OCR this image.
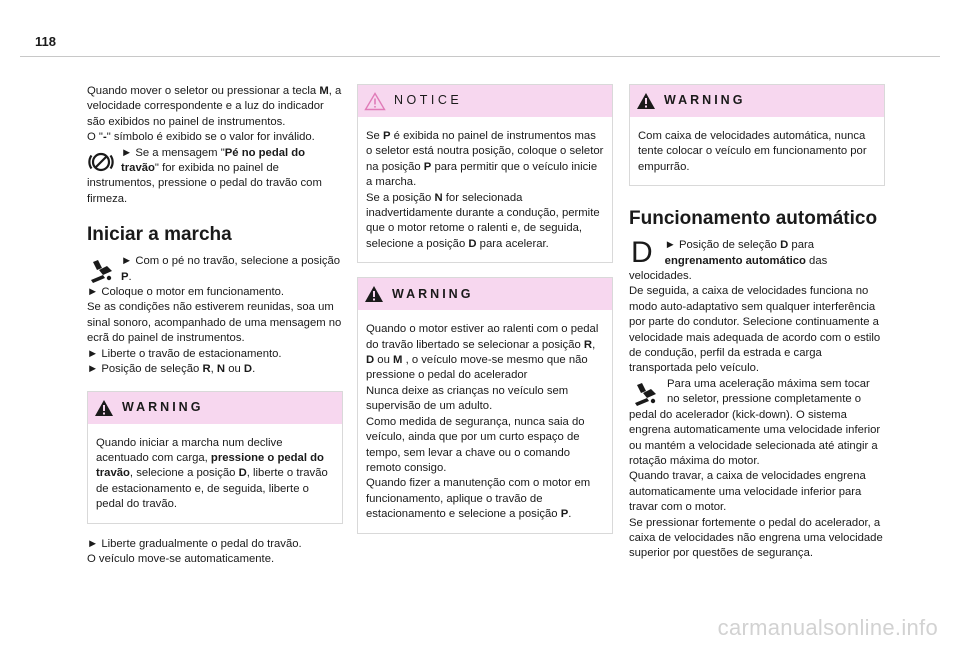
118

Quando mover o seletor ou pressionar a tecla M, a velocidade correspondente e a luz do indicador são exibidos no painel de instrumentos.

O "-" símbolo é exibido se o valor for inválido.

► Se a mensagem "Pé no pedal do travão" for exibida no painel de instrumentos, pressione o pedal do travão com firmeza.

Iniciar a marcha

► Com o pé no travão, selecione a posição P.

► Coloque o motor em funcionamento.

Se as condições não estiverem reunidas, soa um sinal sonoro, acompanhado de uma mensagem no ecrã do painel de instrumentos.

► Liberte o travão de estacionamento.

► Posição de seleção R, N ou D.

WARNING

Quando iniciar a marcha num declive acentuado com carga, pressione o pedal do travão, selecione a posição D, liberte o travão de estacionamento e, de seguida, liberte o pedal do travão.

► Liberte gradualmente o pedal do travão.

O veículo move-se automaticamente.

NOTICE

Se P é exibida no painel de instrumentos mas o seletor está noutra posição, coloque o seletor na posição P para permitir que o veículo inicie a marcha.

Se a posição N for selecionada inadvertidamente durante a condução, permite que o motor retome o ralenti e, de seguida, selecione a posição D para acelerar.

WARNING

Quando o motor estiver ao ralenti com o pedal do travão libertado se selecionar a posição R, D ou M , o veículo move-se mesmo que não pressione o pedal do acelerador

Nunca deixe as crianças no veículo sem supervisão de um adulto.

Como medida de segurança, nunca saia do veículo, ainda que por um curto espaço de tempo, sem levar a chave ou o comando remoto consigo.

Quando fizer a manutenção com o motor em funcionamento, aplique o travão de estacionamento e selecione a posição P.

WARNING

Com caixa de velocidades automática, nunca tente colocar o veículo em funcionamento por empurrão.

Funcionamento automático

D ► Posição de seleção D para engrenamento automático das velocidades.

De seguida, a caixa de velocidades funciona no modo auto-adaptativo sem qualquer interferência por parte do condutor. Selecione continuamente a velocidade mais adequada de acordo com o estilo de condução, perfil da estrada e carga transportada pelo veículo.

Para uma aceleração máxima sem tocar no seletor, pressione completamente o pedal do acelerador (kick-down). O sistema engrena automaticamente uma velocidade inferior ou mantém a velocidade selecionada até atingir a rotação máxima do motor.

Quando travar, a caixa de velocidades engrena automaticamente uma velocidade inferior para travar com o motor.

Se pressionar fortemente o pedal do acelerador, a caixa de velocidades não engrena uma velocidade superior por questões de segurança.

carmanualsonline.info
